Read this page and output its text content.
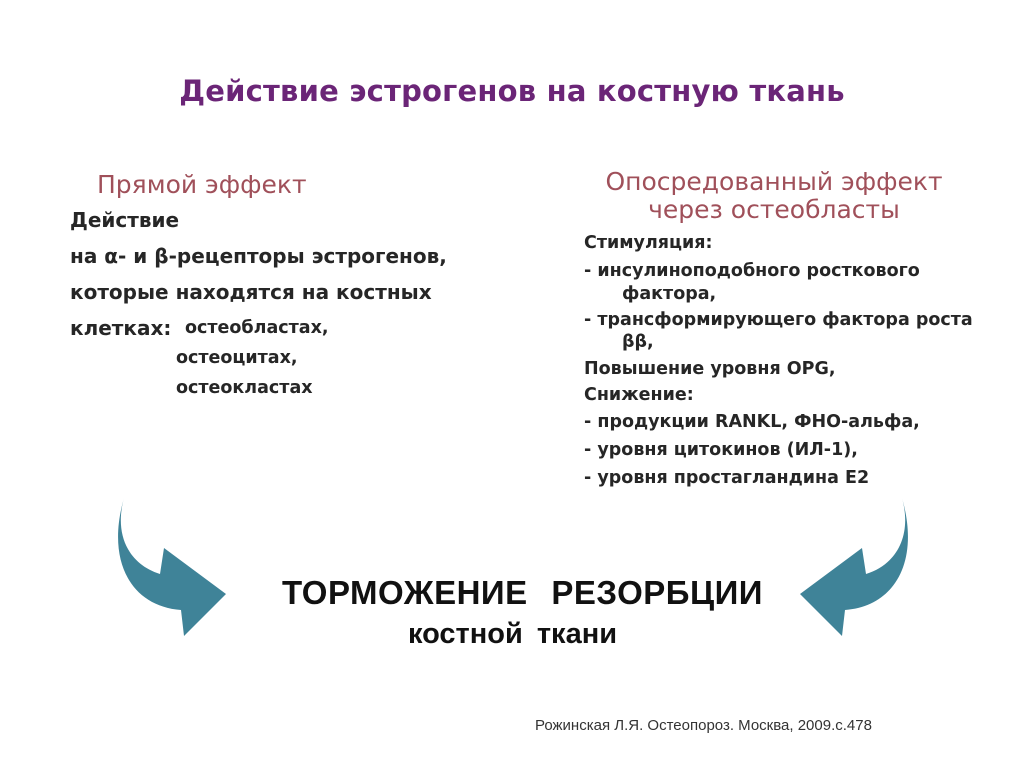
Действие эстрогенов на костную ткань
Прямой эффект
Действие
на α- и β-рецепторы эстрогенов,
которые находятся на костных
клетках: остеобластах,
остеоцитах,
остеокластах
Опосредованный эффект
через остеобласты
Стимуляция:
- инсулиноподобного росткового
фактора,
- трансформирующего фактора роста
ββ,
Повышение уровня OPG,
Снижение:
- продукции RANKL, ФНО-альфа,
- уровня цитокинов (ИЛ-1),
- уровня простагландина Е2
ТОРМОЖЕНИЕ РЕЗОРБЦИИ
костной ткани
Рожинская Л.Я. Остеопороз. Москва, 2009.с.478
